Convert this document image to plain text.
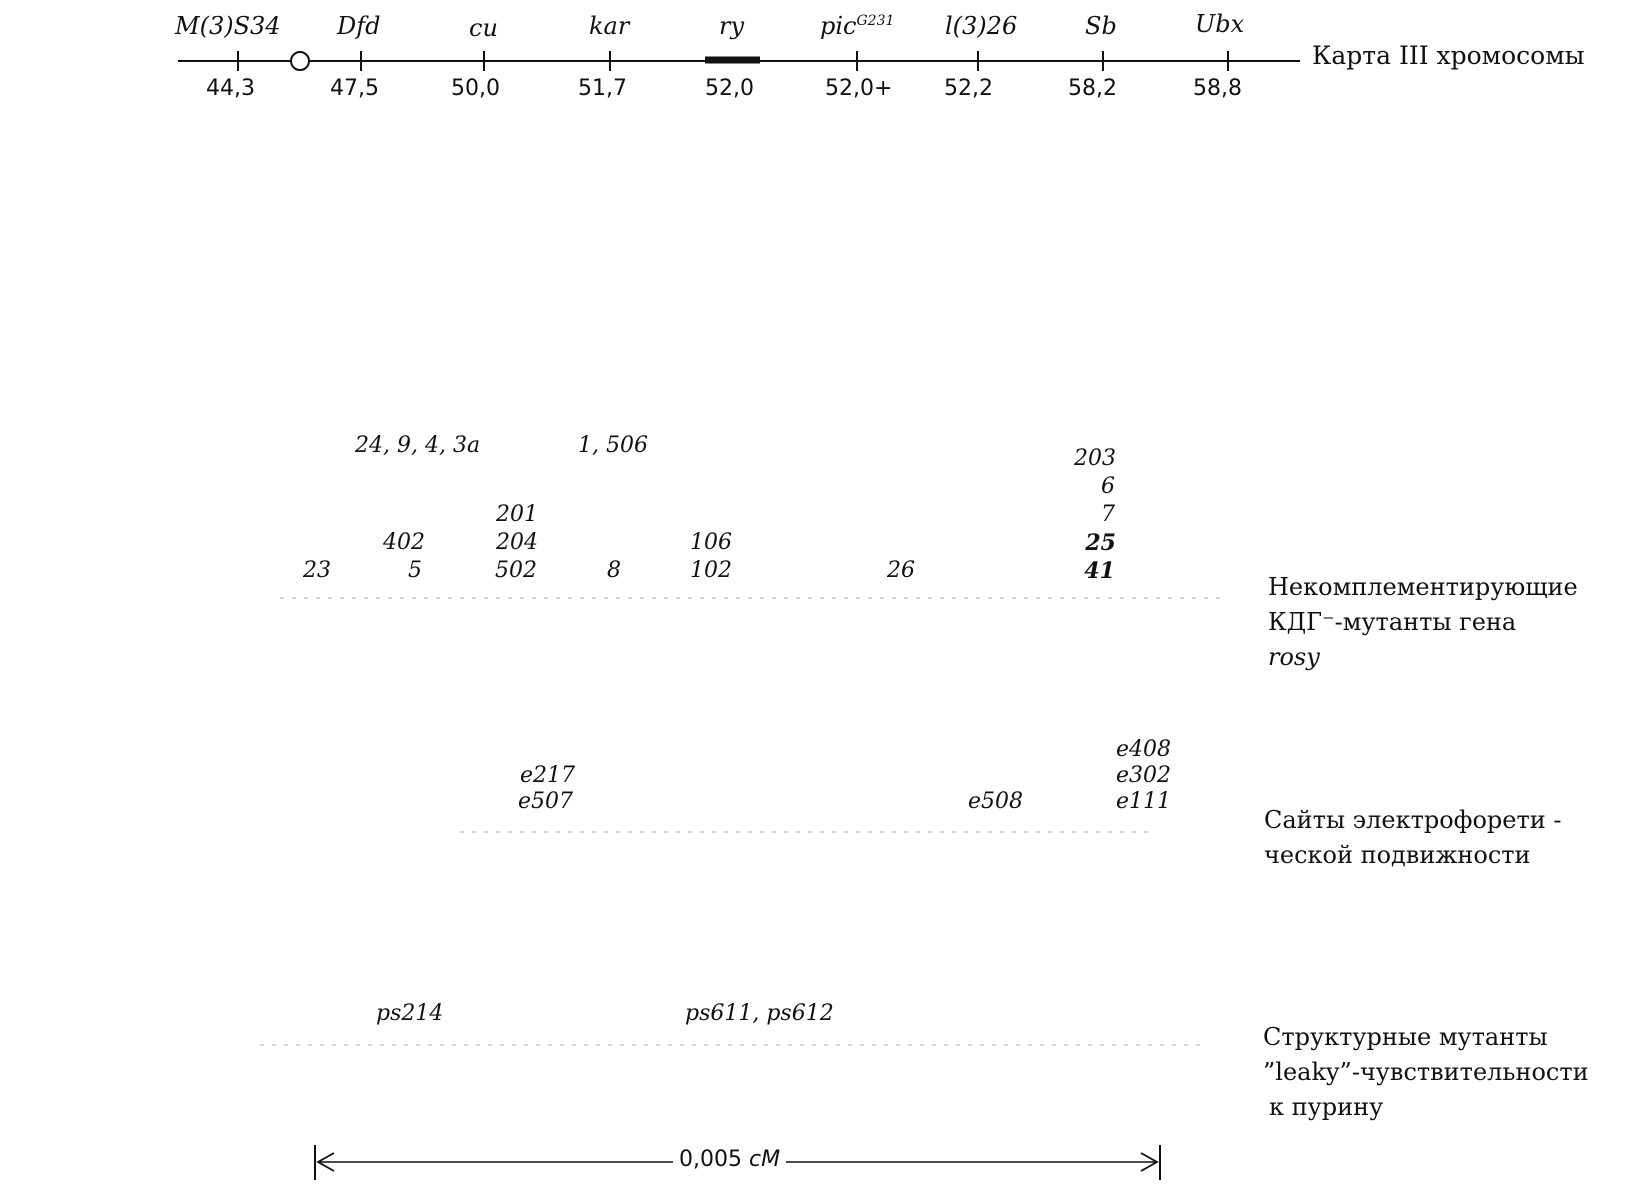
M(3)S34 Dfd	cu	kar	ry	pic$^{G231}$ l(3)26	Sb	Ubx
44,3	47,5	50,0	51,7	52,0	52,0+ 52,2	58,2	58,8
Карта III хромосомы
24, 9, 4, 3a	1, 506
203
6
201	7
402	204	106	25
23	5	502	8	102	26	41
Некомплементирующие
КДГ⁻-мутанты гена
rosy
e408
e217	e302
e507	e508	e111
Сайты электрофорети -
ческой подвижности
ps214	ps611, ps612
Структурные мутанты
”leaky”-чувствительности
к пурину
0,005 cM
